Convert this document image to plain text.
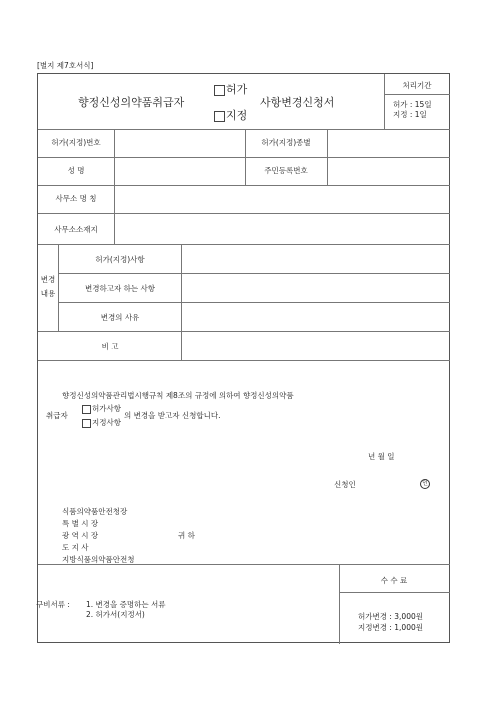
[별지 제7호서식]
향정신성의약품취급자
허가
지정
사항변경신청서
처리기간
허가 : 15일
지정 : 1일
허가(지정)번호	허가(지정)종별
성 명	주민등록번호
사무소 명 칭
사무소소재지
변경
내용
허가(지정)사항
변경하고자 하는 사항
변경의 사유
비 고
향정신성의약품관리법시행규칙 제8조의 규정에 의하여 향정신성의약품
취급자
허가사항
지정사항
의 변경을 받고자 신청합니다.
년 월 일
신청인	인
식품의약품안전청장
특 별 시 장
광 역 시 장
도 지 사
지방식품의약품안전청
귀 하
구비서류 : 1. 변경을 증명하는 서류
2. 허가서(지정서)
수 수 료
허가변경 : 3,000원
지정변경 : 1,000원
